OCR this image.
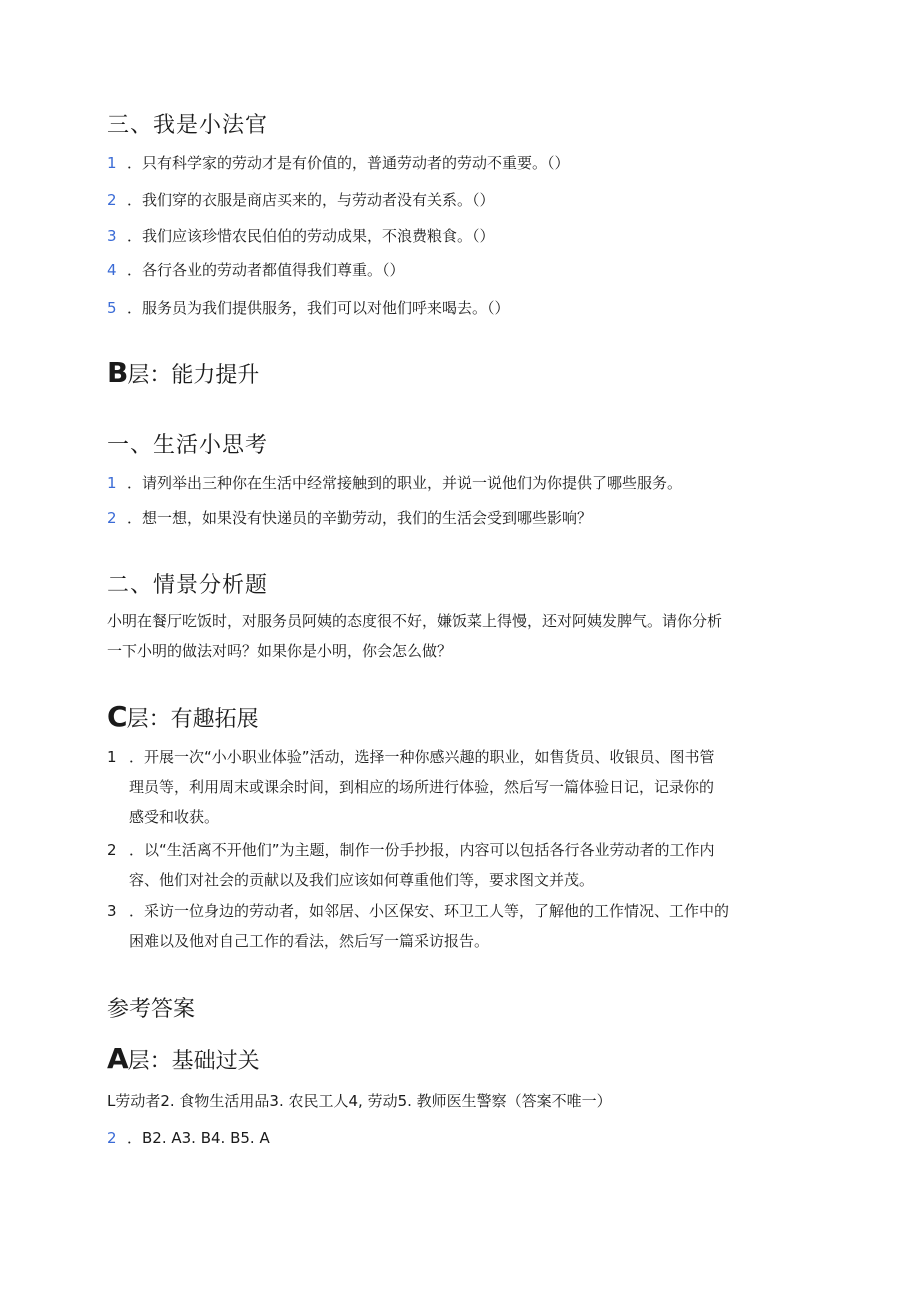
三、我是小法官
1 ．只有科学家的劳动才是有价值的，普通劳动者的劳动不重要。（）
2 ．我们穿的衣服是商店买来的，与劳动者没有关系。（）
3 ．我们应该珍惜农民伯伯的劳动成果，不浪费粮食。（）
4 ．各行各业的劳动者都值得我们尊重。（）
5 ．服务员为我们提供服务，我们可以对他们呼来喝去。（）
B层：能力提升
一、生活小思考
1 ．请列举出三种你在生活中经常接触到的职业，并说一说他们为你提供了哪些服务。
2 ．想一想，如果没有快递员的辛勤劳动，我们的生活会受到哪些影响？
二、情景分析题
小明在餐厅吃饭时，对服务员阿姨的态度很不好，嫌饭菜上得慢，还对阿姨发脾气。请你分析
一下小明的做法对吗？如果你是小明，你会怎么做？
C层：有趣拓展
1 ．开展一次“小小职业体验”活动，选择一种你感兴趣的职业，如售货员、收银员、图书管
理员等，利用周末或课余时间，到相应的场所进行体验，然后写一篇体验日记，记录你的
感受和收获。
2 ．以“生活离不开他们”为主题，制作一份手抄报，内容可以包括各行各业劳动者的工作内
容、他们对社会的贡献以及我们应该如何尊重他们等，要求图文并茂。
3 ．采访一位身边的劳动者，如邻居、小区保安、环卫工人等，了解他的工作情况、工作中的
困难以及他对自己工作的看法，然后写一篇采访报告。
参考答案
A层：基础过关
L劳动者2. 食物生活用品3. 农民工人4, 劳动5. 教师医生警察（答案不唯一）
2 ．B2. A3. B4. B5. A
